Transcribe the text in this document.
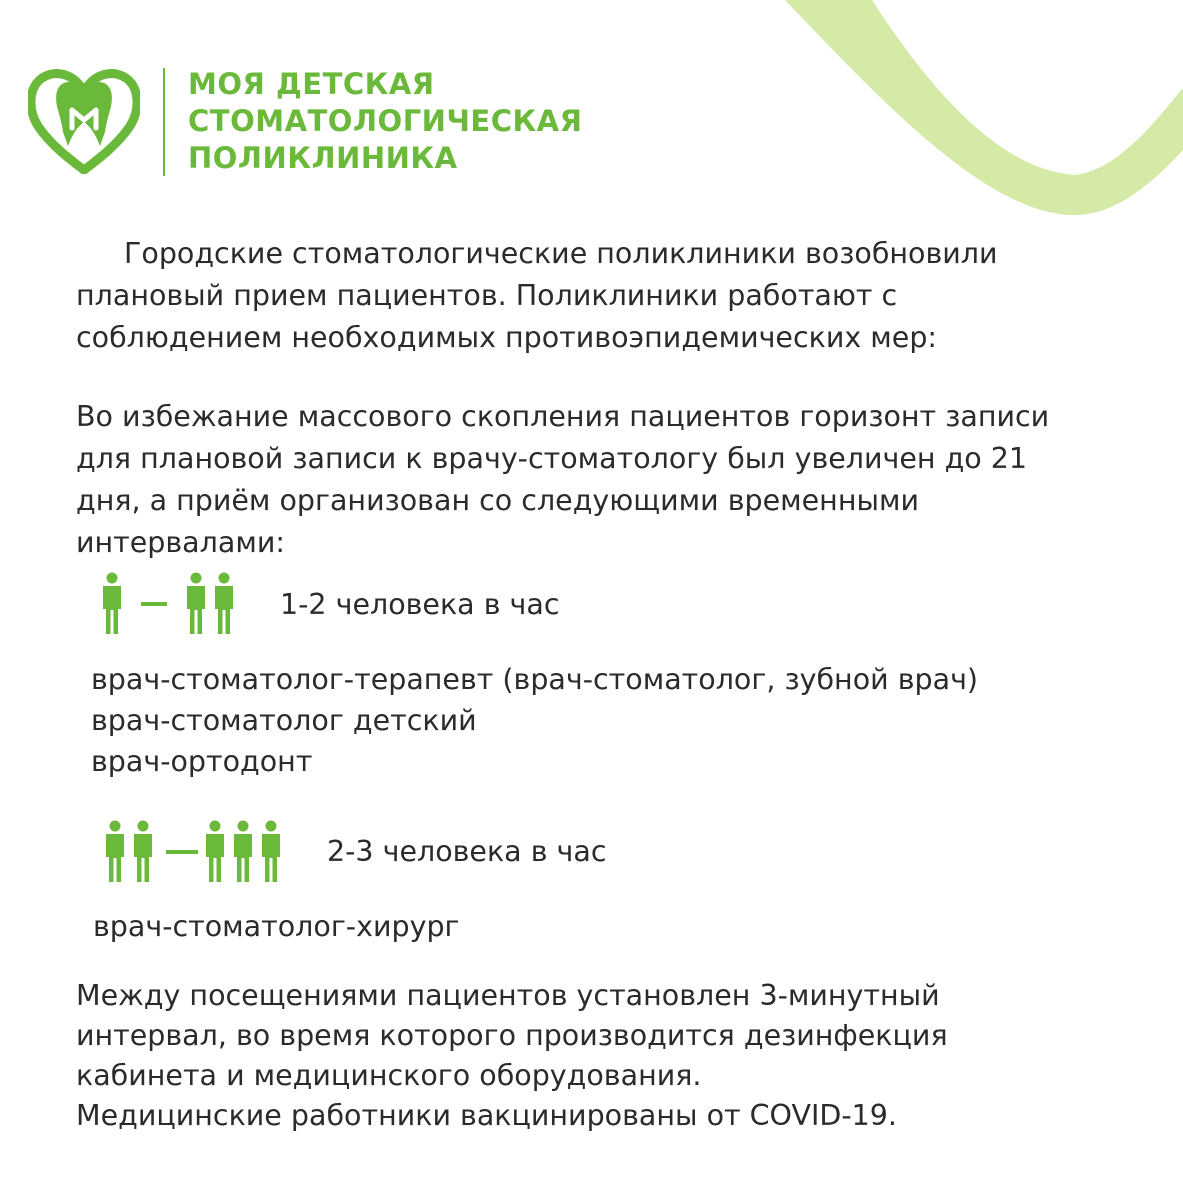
МОЯ ДЕТСКАЯ
СТОМАТОЛОГИЧЕСКАЯ
ПОЛИКЛИНИКА

Городские стоматологические поликлиники возобновили
плановый прием пациентов. Поликлиники работают с
соблюдением необходимых противоэпидемических мер:

Во избежание массового скопления пациентов горизонт записи
для плановой записи к врачу-стоматологу был увеличен до 21
дня, а приём организован со следующими временными
интервалами:

1-2 человека в час

врач-стоматолог-терапевт (врач-стоматолог, зубной врач)
врач-стоматолог детский
врач-ортодонт

2-3 человека в час

врач-стоматолог-хирург

Между посещениями пациентов установлен 3-минутный
интервал, во время которого производится дезинфекция
кабинета и медицинского оборудования.
Медицинские работники вакцинированы от COVID-19.
